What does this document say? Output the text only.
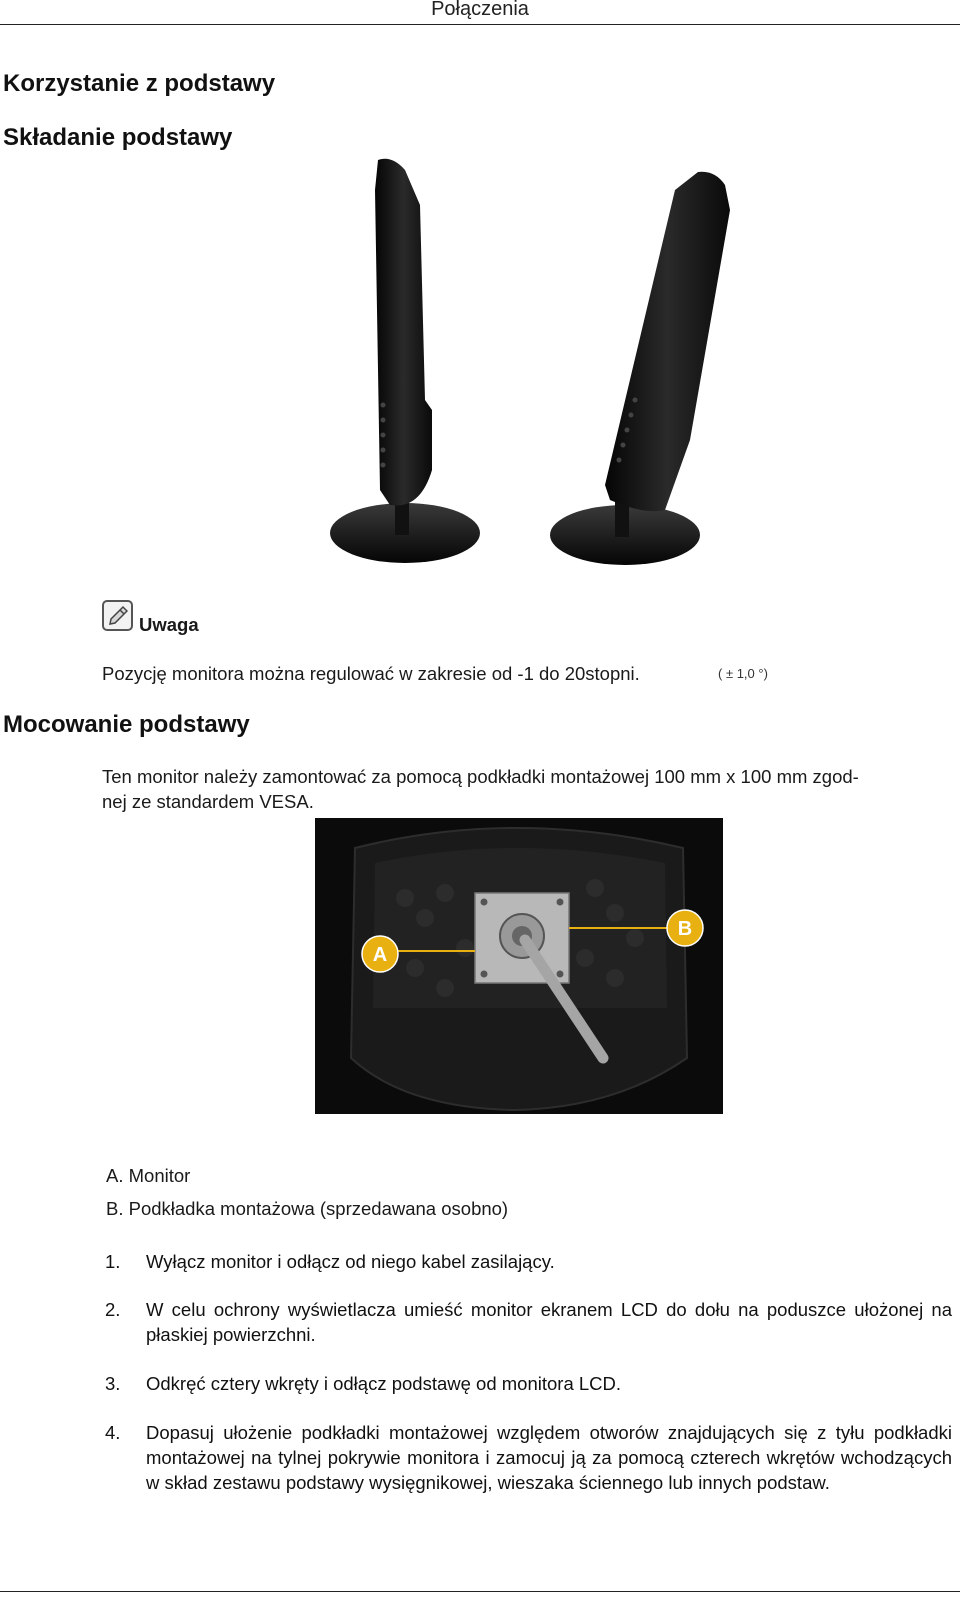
Połączenia
Korzystanie z podstawy
Składanie podstawy
Uwaga
Pozycję monitora można regulować w zakresie od -1 do 20stopni.	( ± 1,0 °)
Mocowanie podstawy
Ten monitor należy zamontować za pomocą podkładki montażowej 100 mm x 100 mm zgod-
nej ze standardem VESA.
A
B
A. Monitor
B. Podkładka montażowa (sprzedawana osobno)
1. Wyłącz monitor i odłącz od niego kabel zasilający.
2. W celu ochrony wyświetlacza umieść monitor ekranem LCD do dołu na poduszce ułożonej na płaskiej powierzchni.
3. Odkręć cztery wkręty i odłącz podstawę od monitora LCD.
4. Dopasuj ułożenie podkładki montażowej względem otworów znajdujących się z tyłu podkładki montażowej na tylnej pokrywie monitora i zamocuj ją za pomocą czterech wkrętów wchodzących w skład zestawu podstawy wysięgnikowej, wieszaka ściennego lub innych podstaw.
